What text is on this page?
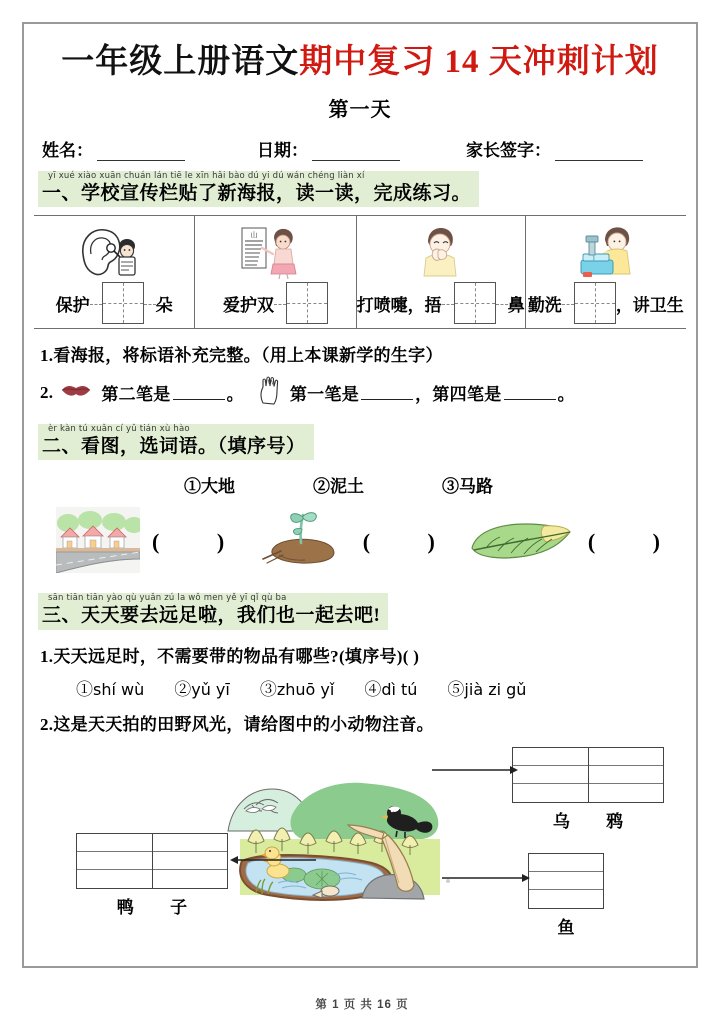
一年级上册语文期中复习 14 天冲刺计划
第一天
姓名：	日期：	家长签字：
yī xué xiào xuān chuán lán tiē le xīn hǎi bào dú yi dú wán chéng liàn xí
一、学校宣传栏贴了新海报，读一读，完成练习。
保护	朵
山
爱护双	打喷嚏，捂	鼻 勤洗	，讲卫生
1.看海报，将标语补充完整。（用上本课新学的生字）
2.	第二笔是	。	第一笔是	，第四笔是	。
èr kàn tú xuǎn cí yǔ tián xù hào
二、看图，选词语。（填序号）
①大地	②泥土	③马路
( )	( )	( )
sān tiān tiān yào qù yuǎn zú la wǒ men yě yī qǐ qù ba
三、天天要去远足啦，我们也一起去吧!
1.天天远足时，不需要带的物品有哪些?(填序号)( )
①shí wù ②yǔ yī ③zhuō yǐ ④dì tú ⑤jià zi gǔ
2.这是天天拍的田野风光，请给图中的小动物注音。
乌 鸦
鱼
鸭 子
第 1 页 共 16 页
